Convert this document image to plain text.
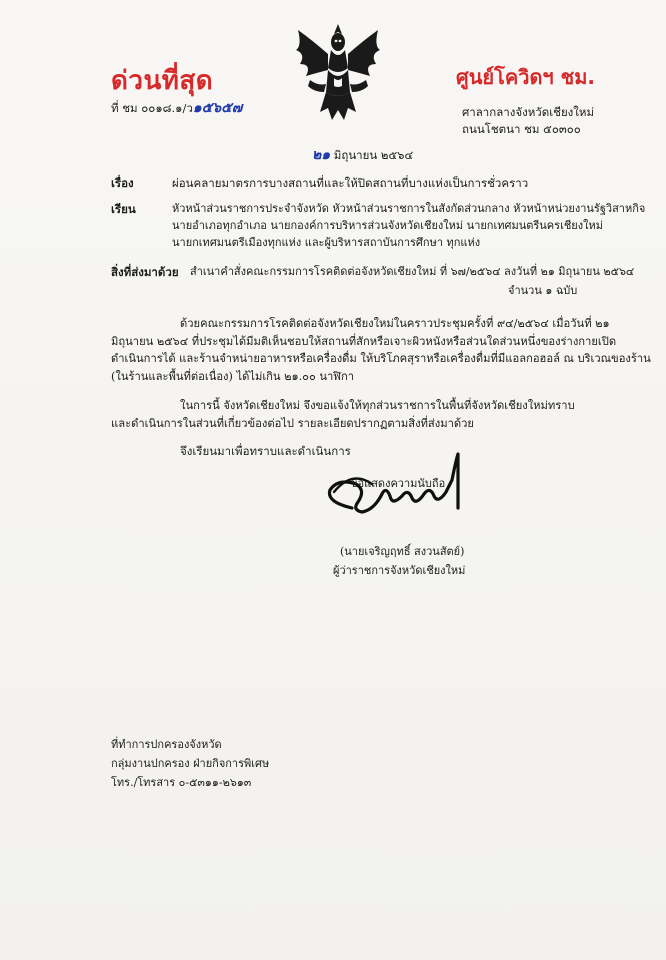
ด่วนที่สุด
ที่ ชม ๐๐๑๘.๑/ว๑๕๖๕๗
ศูนย์โควิดฯ ชม.
ศาลากลางจังหวัดเชียงใหม่
ถนนโชตนา ชม ๕๐๓๐๐
๒๑ มิถุนายน ๒๕๖๔
เรื่อง	ผ่อนคลายมาตรการบางสถานที่และให้ปิดสถานที่บางแห่งเป็นการชั่วคราว
เรียน	หัวหน้าส่วนราชการประจำจังหวัด หัวหน้าส่วนราชการในสังกัดส่วนกลาง หัวหน้าหน่วยงานรัฐวิสาหกิจ
นายอำเภอทุกอำเภอ นายกองค์การบริหารส่วนจังหวัดเชียงใหม่ นายกเทศมนตรีนครเชียงใหม่
นายกเทศมนตรีเมืองทุกแห่ง และผู้บริหารสถาบันการศึกษา ทุกแห่ง
สิ่งที่ส่งมาด้วย สำเนาคำสั่งคณะกรรมการโรคติดต่อจังหวัดเชียงใหม่ ที่ ๖๗/๒๕๖๔ ลงวันที่ ๒๑ มิถุนายน ๒๕๖๔
จำนวน ๑ ฉบับ
ด้วยคณะกรรมการโรคติดต่อจังหวัดเชียงใหม่ในคราวประชุมครั้งที่ ๙๔/๒๕๖๔ เมื่อวันที่ ๒๑
มิถุนายน ๒๕๖๔ ที่ประชุมได้มีมติเห็นชอบให้สถานที่สักหรือเจาะผิวหนังหรือส่วนใดส่วนหนึ่งของร่างกายเปิด
ดำเนินการได้ และร้านจำหน่ายอาหารหรือเครื่องดื่ม ให้บริโภคสุราหรือเครื่องดื่มที่มีแอลกอฮอล์ ณ บริเวณของร้าน
(ในร้านและพื้นที่ต่อเนื่อง) ได้ไม่เกิน ๒๑.๐๐ นาฬิกา
ในการนี้ จังหวัดเชียงใหม่ จึงขอแจ้งให้ทุกส่วนราชการในพื้นที่จังหวัดเชียงใหม่ทราบ
และดำเนินการในส่วนที่เกี่ยวข้องต่อไป รายละเอียดปรากฏตามสิ่งที่ส่งมาด้วย
จึงเรียนมาเพื่อทราบและดำเนินการ
ขอแสดงความนับถือ
(นายเจริญฤทธิ์ สงวนสัตย์)
ผู้ว่าราชการจังหวัดเชียงใหม่
ที่ทำการปกครองจังหวัด
กลุ่มงานปกครอง ฝ่ายกิจการพิเศษ
โทร./โทรสาร ๐-๕๓๑๑-๒๖๑๓
